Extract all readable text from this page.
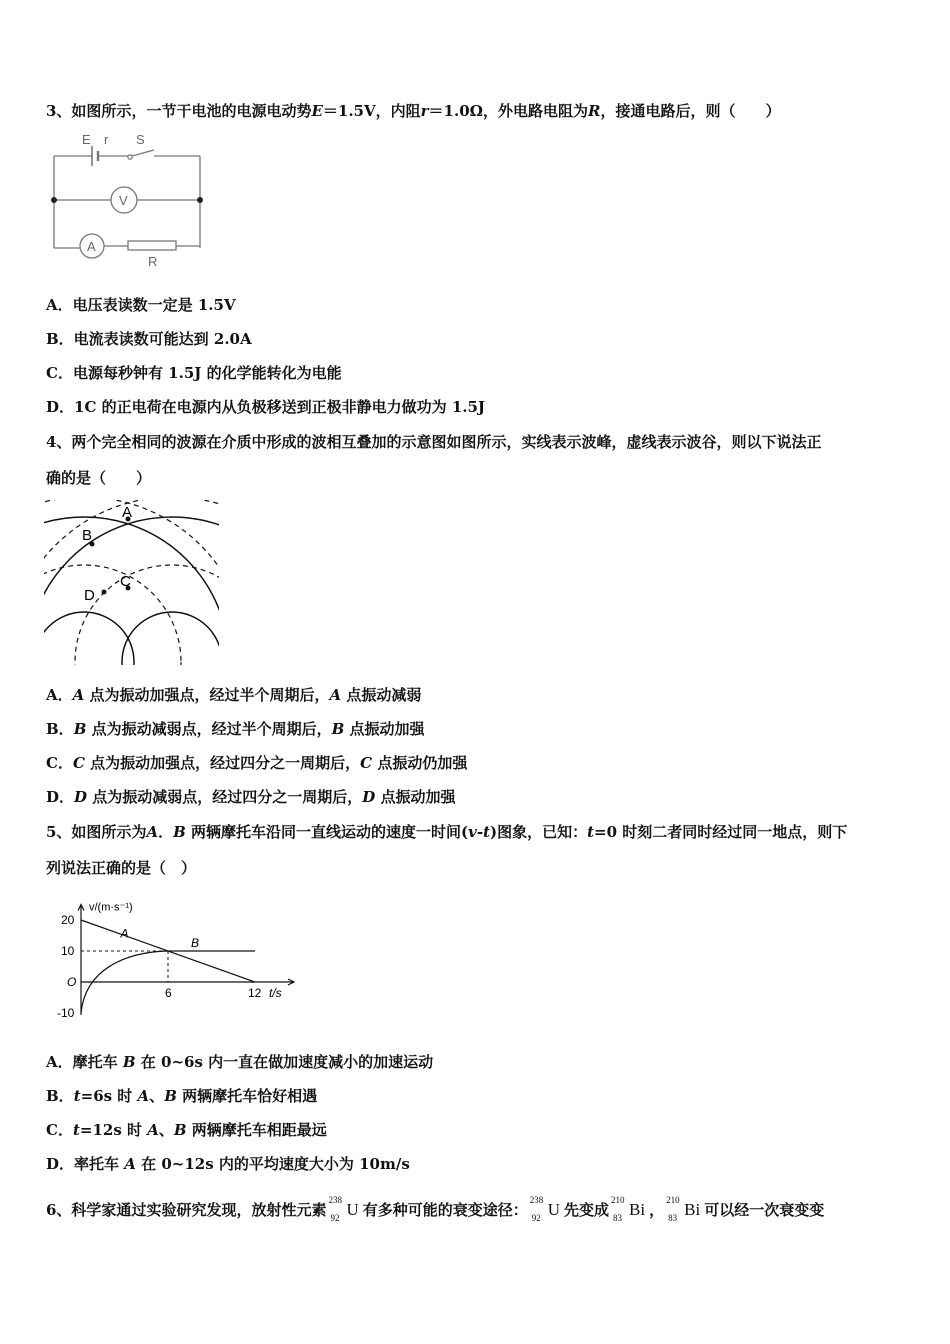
3、如图所示，一节干电池的电源电动势E＝1.5V，内阻r＝1.0Ω，外电路电阻为R，接通电路后，则（　　）
E r S
V
A
R
A．电压表读数一定是 1.5V
B．电流表读数可能达到 2.0A
C．电源每秒钟有 1.5J 的化学能转化为电能
D．1C 的正电荷在电源内从负极移送到正极非静电力做功为 1.5J
4、两个完全相同的波源在介质中形成的波相互叠加的示意图如图所示，实线表示波峰，虚线表示波谷，则以下说法正
确的是（　　）
A
B
C
D
A．A 点为振动加强点，经过半个周期后，A 点振动减弱
B．B 点为振动减弱点，经过半个周期后，B 点振动加强
C．C 点为振动加强点，经过四分之一周期后，C 点振动仍加强
D．D 点为振动减弱点，经过四分之一周期后，D 点振动加强
5、如图所示为A．B 两辆摩托车沿同一直线运动的速度一时间(v-t)图象，已知：t=0 时刻二者同时经过同一地点，则下
列说法正确的是（　）
A
B
20
10
-10
O
6	12
v/(m·s⁻¹)
t/s
A．摩托车 B 在 0~6s 内一直在做加速度减小的加速运动
B．t=6s 时 A、B 两辆摩托车恰好相遇
C．t=12s 时 A、B 两辆摩托车相距最远
D．率托车 A 在 0~12s 内的平均速度大小为 10m/s
6、科学家通过实验研究发现，放射性元素
238
92 U 有多种可能的衰变途径：
238
92 U 先变成
210
83 Bi ，
210
83 Bi 可以经一次衰变变
